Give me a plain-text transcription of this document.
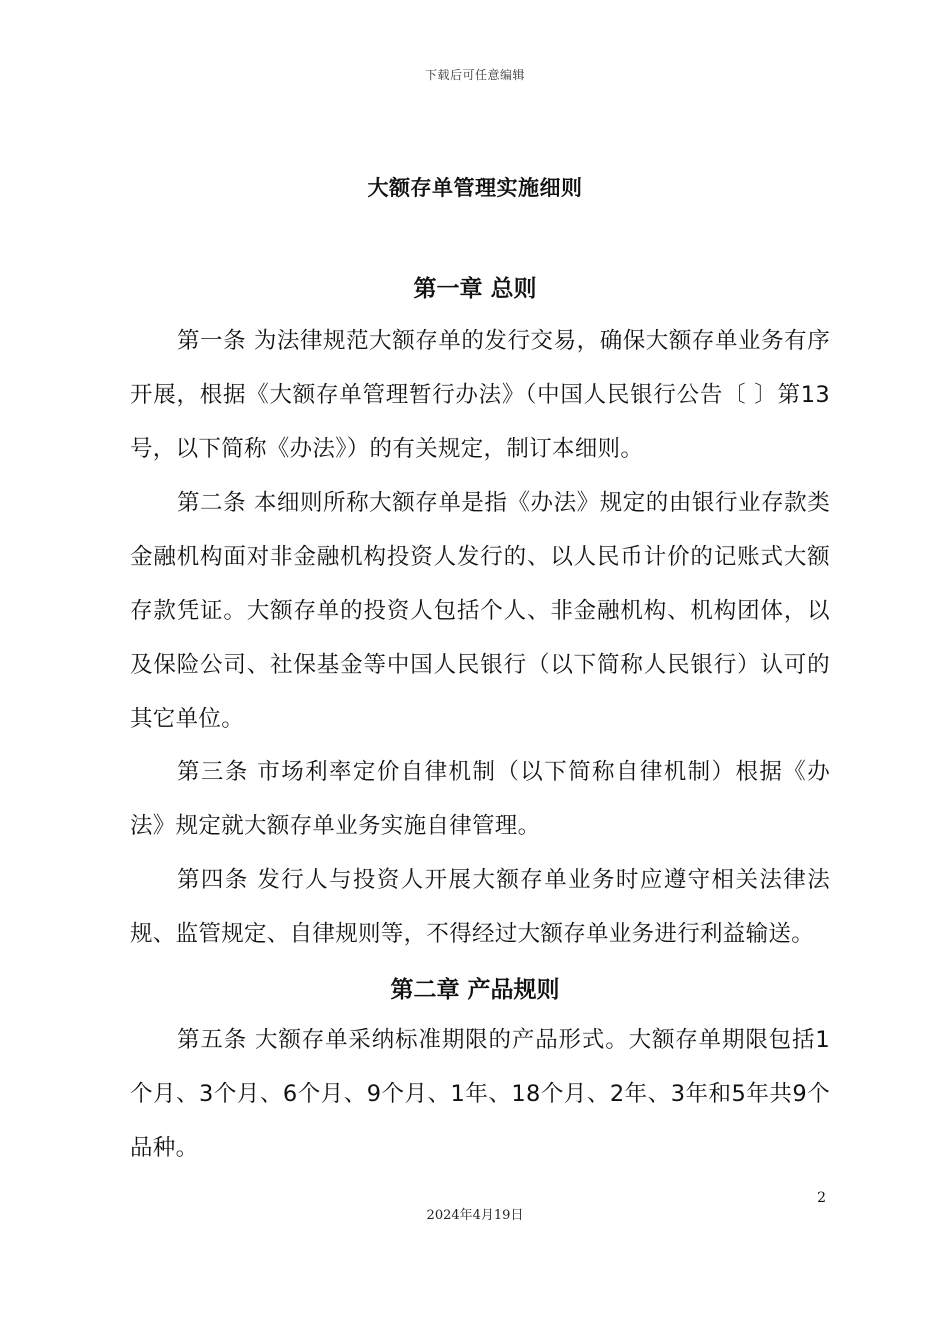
下载后可任意编辑
大额存单管理实施细则
第一章 总则

第一条 为法律规范大额存单的发行交易，确保大额存单业务有序开展，根据《大额存单管理暂行办法》（中国人民银行公告〔 〕第13号，以下简称《办法》）的有关规定，制订本细则。

第二条 本细则所称大额存单是指《办法》规定的由银行业存款类金融机构面对非金融机构投资人发行的、以人民币计价的记账式大额存款凭证。大额存单的投资人包括个人、非金融机构、机构团体，以及保险公司、社保基金等中国人民银行（以下简称人民银行）认可的其它单位。

第三条 市场利率定价自律机制（以下简称自律机制）根据《办法》规定就大额存单业务实施自律管理。

第四条 发行人与投资人开展大额存单业务时应遵守相关法律法规、监管规定、自律规则等，不得经过大额存单业务进行利益输送。

第二章 产品规则

第五条 大额存单采纳标准期限的产品形式。大额存单期限包括1个月、3个月、6个月、9个月、1年、18个月、2年、3年和5年共9个品种。

2
2024年4月19日
